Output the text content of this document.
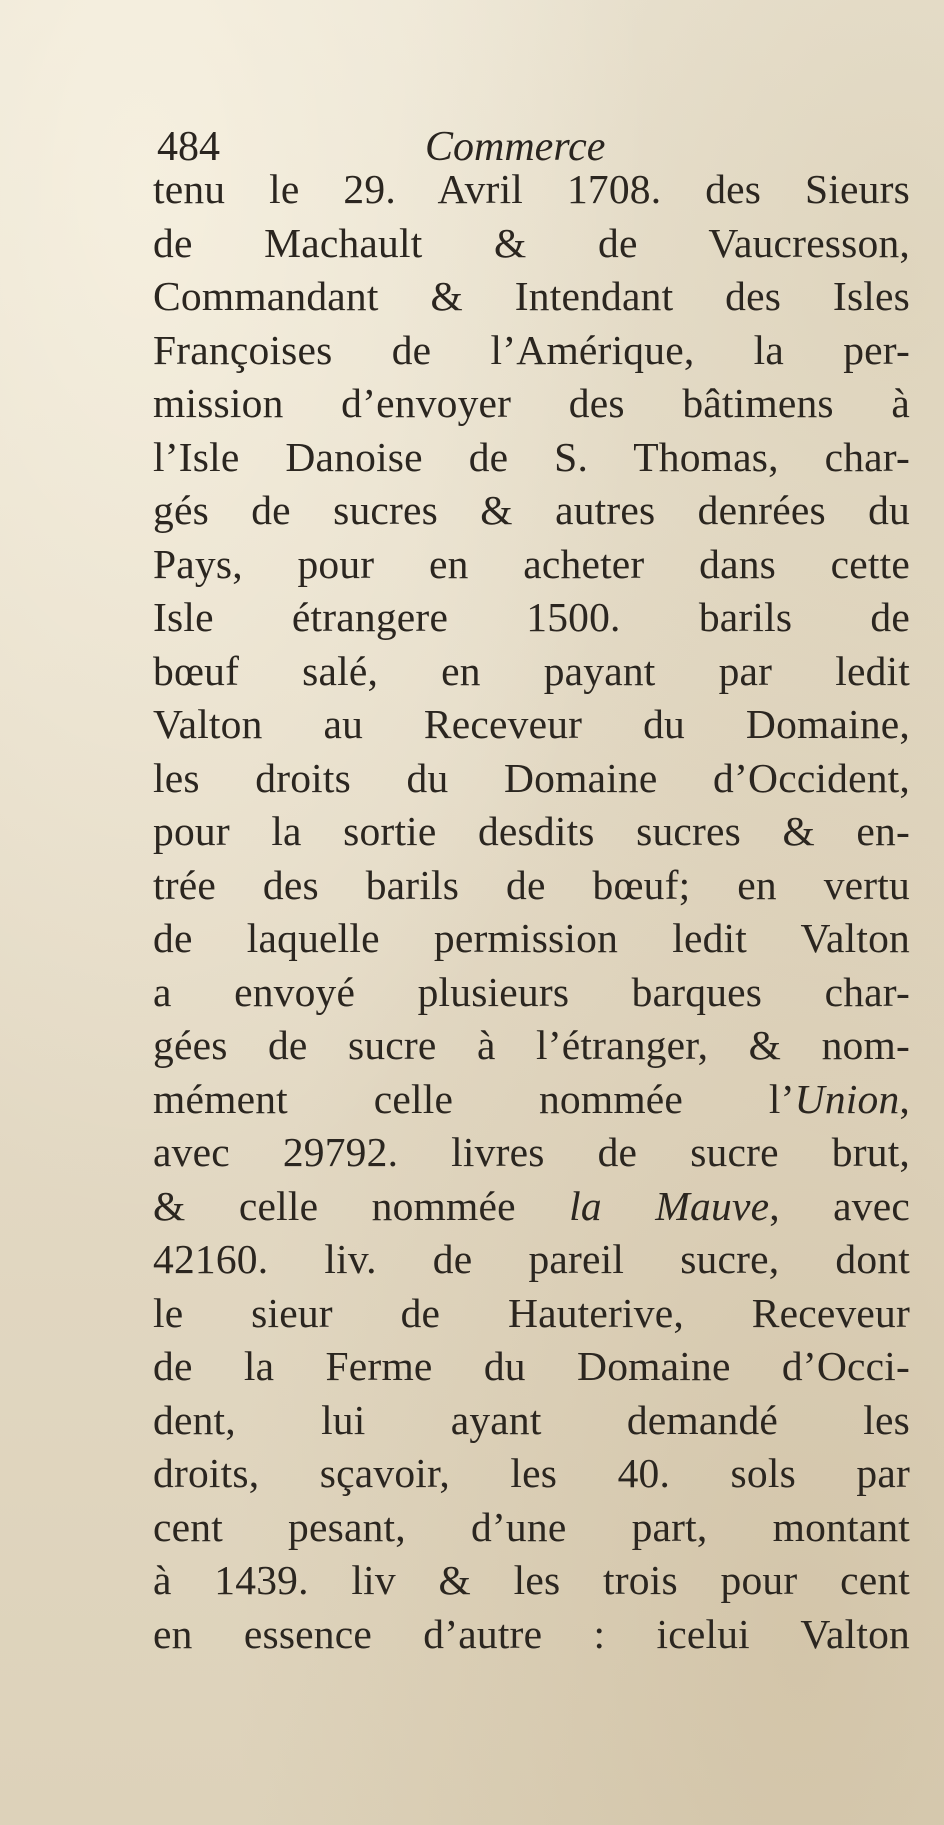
484	Commerce
tenu le 29. Avril 1708. des Sieurs
de Machault & de Vaucresson,
Commandant & Intendant des Isles
Françoises de l’Amérique, la per-
mission d’envoyer des bâtimens à
l’Isle Danoise de S. Thomas, char-
gés de sucres & autres denrées du
Pays, pour en acheter dans cette
Isle étrangere 1500. barils de
bœuf salé, en payant par ledit
Valton au Receveur du Domaine,
les droits du Domaine d’Occident,
pour la sortie desdits sucres & en-
trée des barils de bœuf; en vertu
de laquelle permission ledit Valton
a envoyé plusieurs barques char-
gées de sucre à l’étranger, & nom-
mément celle nommée l’Union,
avec 29792. livres de sucre brut,
& celle nommée la Mauve, avec
42160. liv. de pareil sucre, dont
le sieur de Hauterive, Receveur
de la Ferme du Domaine d’Occi-
dent, lui ayant demandé les
droits, sçavoir, les 40. sols par
cent pesant, d’une part, montant
à 1439. liv & les trois pour cent
en essence d’autre : icelui Valton
